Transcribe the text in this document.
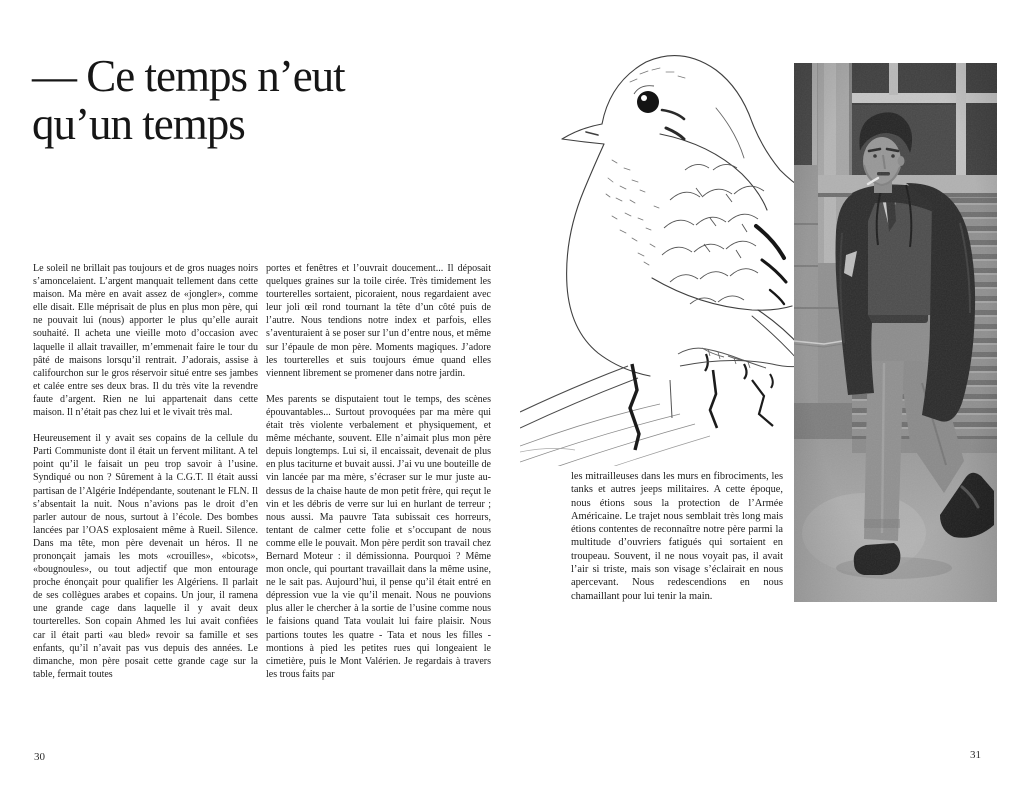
— Ce temps n’eut
qu’un temps

Le soleil ne brillait pas toujours et de gros nuages noirs s’amoncelaient. L’argent manquait tellement dans cette maison. Ma mère en avait assez de «jongler», comme elle disait. Elle méprisait de plus en plus mon père, qui ne pouvait lui (nous) apporter le plus qu’elle aurait souhaité. Il acheta une vieille moto d’occasion avec laquelle il allait travailler, m’emmenait faire le tour du pâté de maisons lorsqu’il rentrait. J’adorais, assise à califourchon sur le gros réservoir situé entre ses jambes et calée entre ses deux bras. Il du très vite la revendre faute d’argent. Rien ne lui appartenait dans cette maison. Il n’était pas chez lui et le vivait très mal.

Heureusement il y avait ses copains de la cellule du Parti Communiste dont il était un fervent militant. A tel point qu’il le faisait un peu trop savoir à l’usine. Syndiqué ou non ? Sûrement à la C.G.T. Il était aussi partisan de l’Algérie Indépendante, soutenant le FLN. Il s’absentait la nuit. Nous n’avions pas le droit d’en parler autour de nous, surtout à l’école. Des bombes lancées par l’OAS explosaient même à Rueil. Silence. Dans ma tête, mon père devenait un héros. Il ne prononçait jamais les mots «crouilles», «bicots», «bougnoules», ou tout adjectif que mon entourage proche énonçait pour qualifier les Algériens. Il parlait de ses collègues arabes et copains. Un jour, il ramena une grande cage dans laquelle il y avait deux tourterelles. Son copain Ahmed les lui avait confiées car il était parti «au bled» revoir sa famille et ses enfants, qu’il n’avait pas vus depuis des années. Le dimanche, mon père posait cette grande cage sur la table, fermait toutes

portes et fenêtres et l’ouvrait doucement... Il déposait quelques graines sur la toile cirée. Très timidement les tourterelles sortaient, picoraient, nous regardaient avec leur joli œil rond tournant la tête d’un côté puis de l’autre. Nous tendions notre index et parfois, elles s’aventuraient à se poser sur l’un d’entre nous, et même sur l’épaule de mon père. Moments magiques. J’adore les tourterelles et suis toujours émue quand elles viennent librement se promener dans notre jardin.

Mes parents se disputaient tout le temps, des scènes épouvantables... Surtout provoquées par ma mère qui était très violente verbalement et physiquement, et même méchante, souvent. Elle n’aimait plus mon père depuis longtemps. Lui si, il encaissait, devenait de plus en plus taciturne et buvait aussi. J’ai vu une bouteille de vin lancée par ma mère, s’écraser sur le mur juste au-dessus de la chaise haute de mon petit frère, qui reçut le vin et les débris de verre sur lui en hurlant de terreur ; nous aussi. Ma pauvre Tata subissait ces horreurs, tentant de calmer cette folie et s’occupant de nous comme elle le pouvait. Mon père perdit son travail chez Bernard Moteur : il démissionna. Pourquoi ? Même mon oncle, qui pourtant travaillait dans la même usine, ne le sait pas. Aujourd’hui, il pense qu’il était entré en dépression vue la vie qu’il menait. Nous ne pouvions plus aller le chercher à la sortie de l’usine comme nous le faisions quand Tata voulait lui faire plaisir. Nous partions toutes les quatre - Tata et nous les filles - montions à pied les petites rues qui longeaient le cimetière, puis le Mont Valérien. Je regardais à travers les trous faits par

30
les mitrailleuses dans les murs en fibrociments, les tanks et autres jeeps militaires. A cette époque, nous étions sous la protection de l’Armée Américaine. Le trajet nous semblait très long mais étions contentes de reconnaître notre père parmi la multitude d’ouvriers fatigués qui sortaient en troupeau. Souvent, il ne nous voyait pas, il avait l’air si triste, mais son visage s’éclairait en nous apercevant. Nous redescendions en nous chamaillant pour lui tenir la main.
31
